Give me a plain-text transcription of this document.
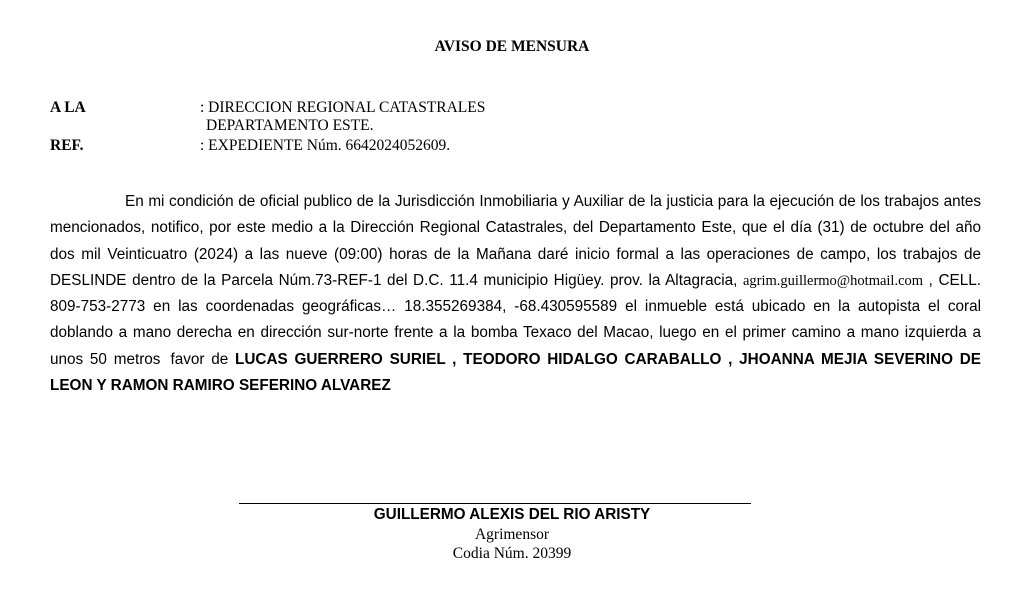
AVISO DE MENSURA
A LA	: DIRECCION REGIONAL CATASTRALES
DEPARTAMENTO ESTE.
REF.	: EXPEDIENTE Núm. 6642024052609.
En mi condición de oficial publico de la Jurisdicción Inmobiliaria y Auxiliar de la justicia para la ejecución de los trabajos antes mencionados, notifico, por este medio a la Dirección Regional Catastrales, del Departamento Este, que el día (31) de octubre del año dos mil Veinticuatro (2024) a las nueve (09:00) horas de la Mañana daré inicio formal a las operaciones de campo, los trabajos de DESLINDE dentro de la Parcela Núm.73-REF-1 del D.C. 11.4 municipio Higüey. prov. la Altagracia, agrim.guillermo@hotmail.com , CELL. 809-753-2773 en las coordenadas geográficas… 18.355269384, -68.430595589 el inmueble está ubicado en la autopista el coral doblando a mano derecha en dirección sur-norte frente a la bomba Texaco del Macao, luego en el primer camino a mano izquierda a unos 50 metros favor de LUCAS GUERRERO SURIEL , TEODORO HIDALGO CARABALLO , JHOANNA MEJIA SEVERINO DE LEON Y RAMON RAMIRO SEFERINO ALVAREZ
GUILLERMO ALEXIS DEL RIO ARISTY
Agrimensor
Codia Núm. 20399
